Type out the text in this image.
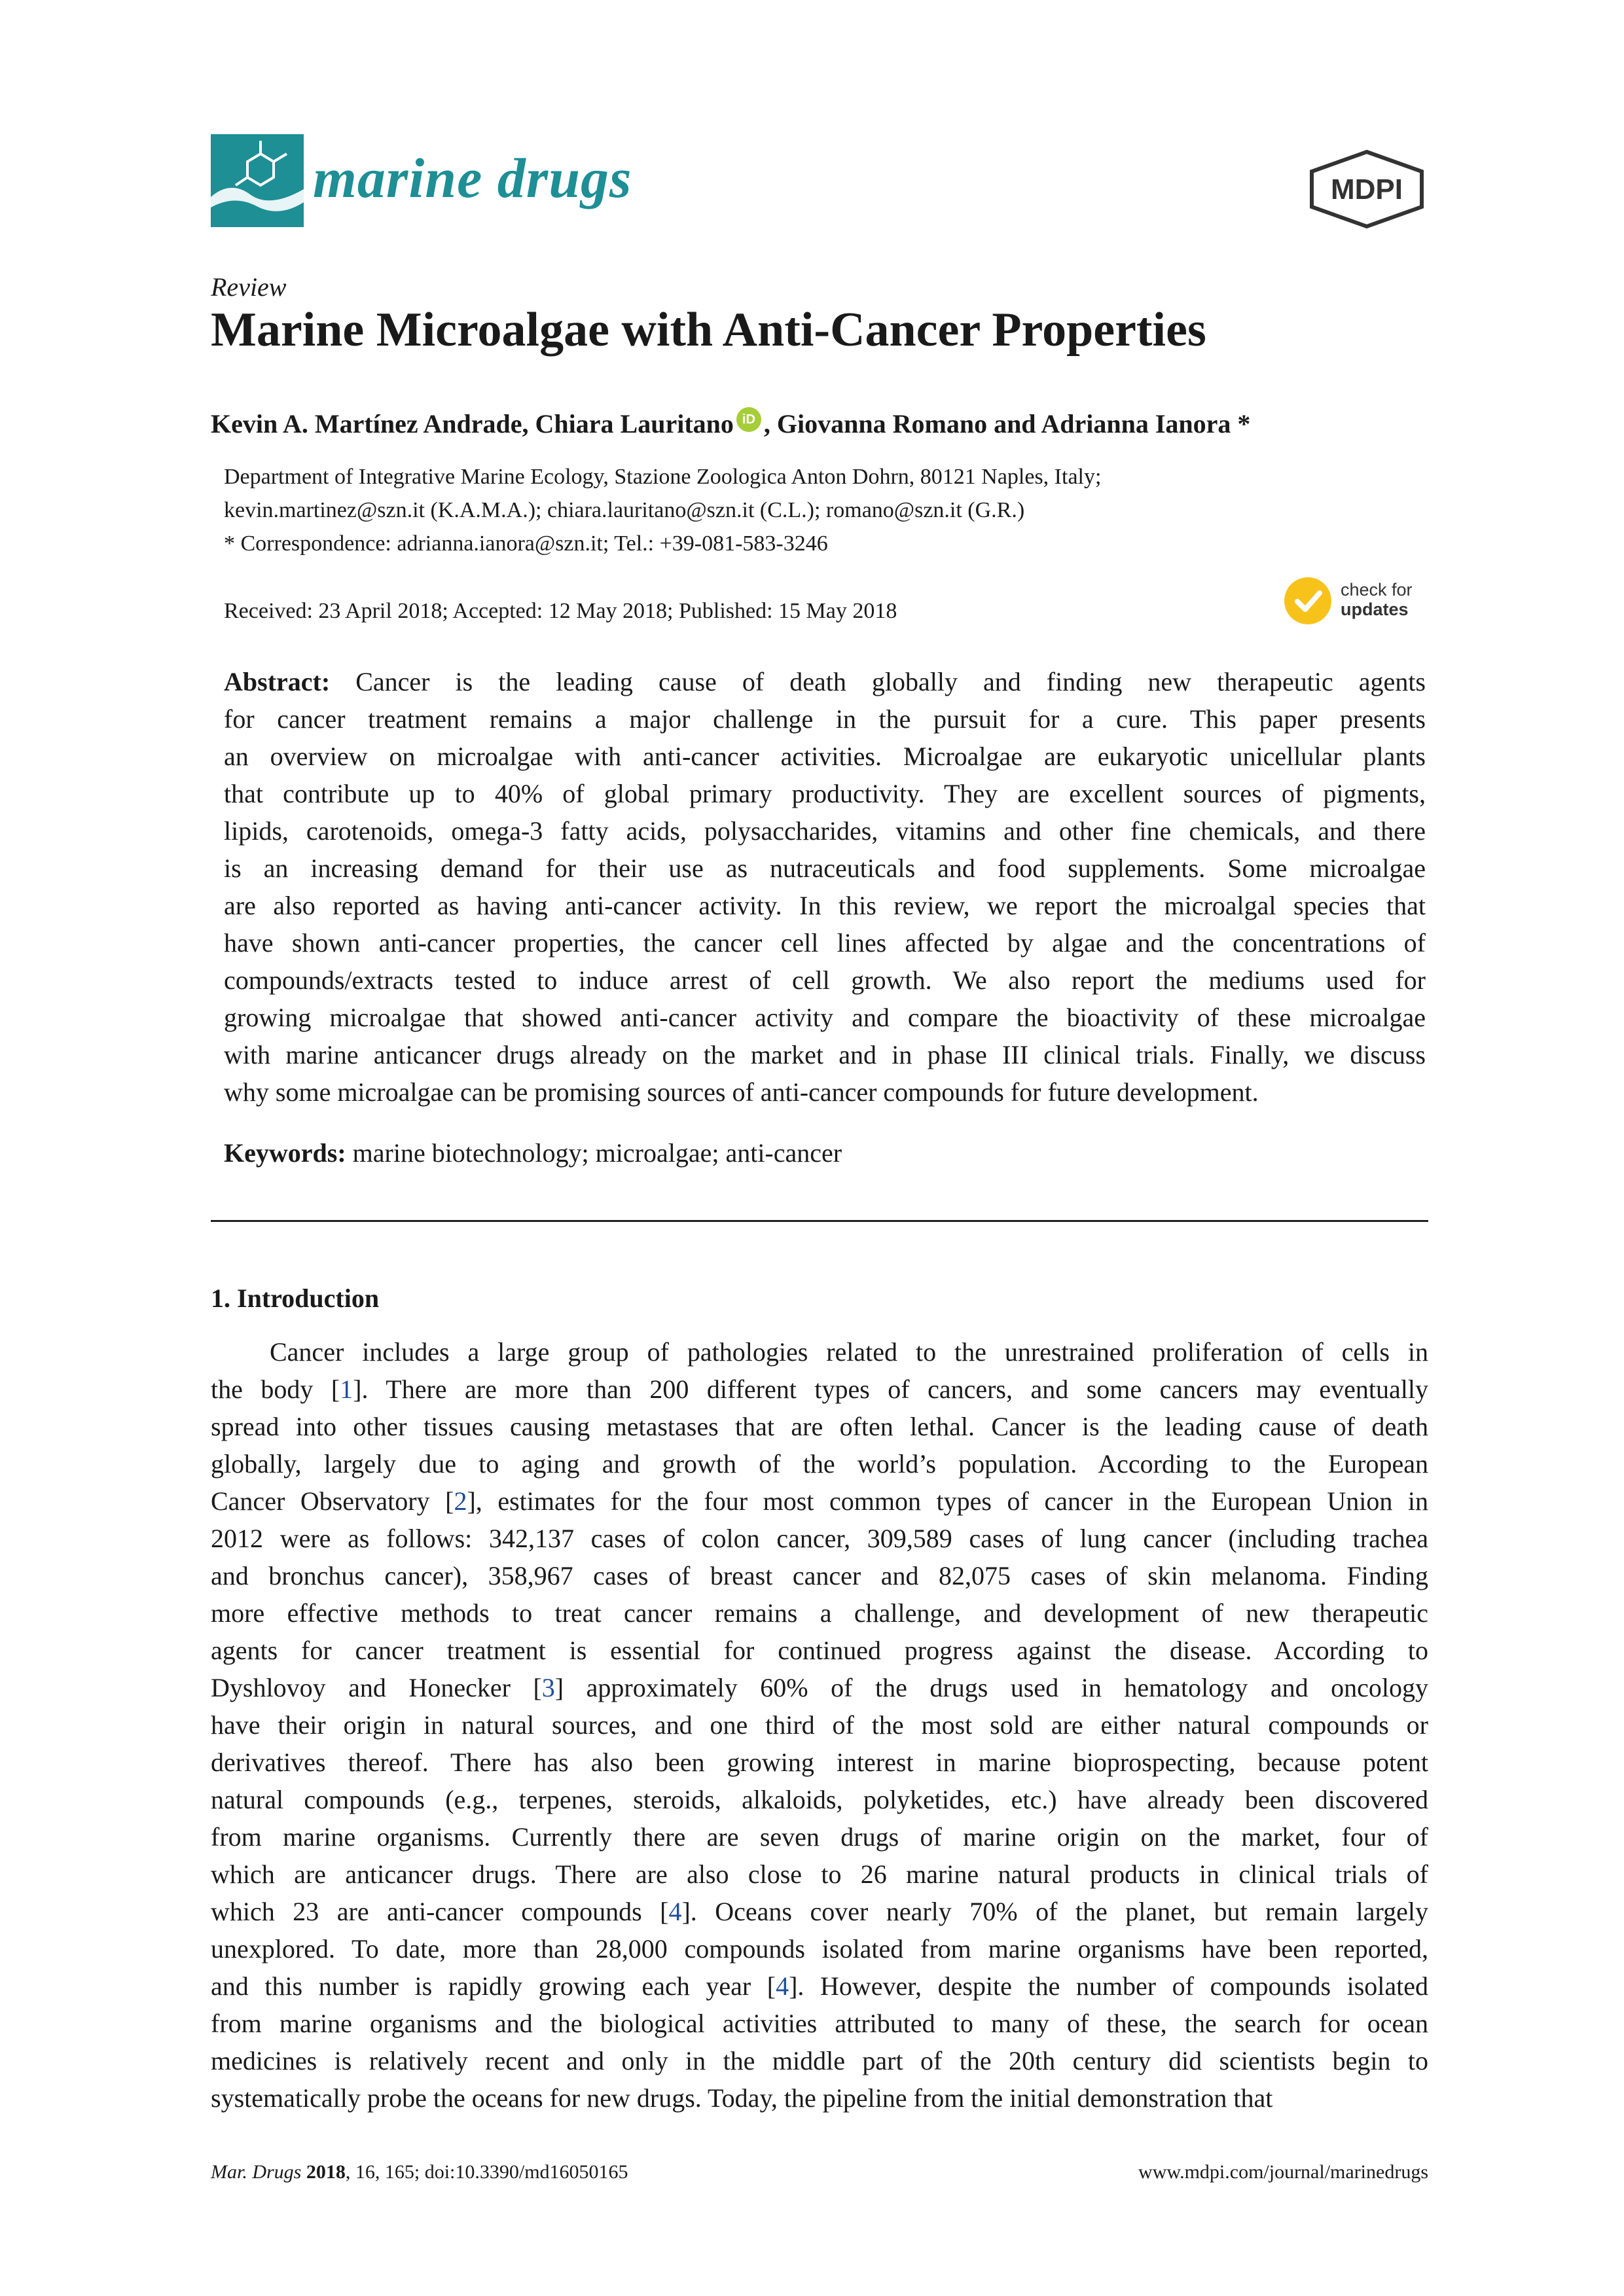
marine drugs	MDPI
Review
Marine Microalgae with Anti-Cancer Properties
Kevin A. Martínez Andrade, Chiara Lauritano iD , Giovanna Romano and Adrianna Ianora *
Department of Integrative Marine Ecology, Stazione Zoologica Anton Dohrn, 80121 Naples, Italy;
kevin.martinez@szn.it (K.A.M.A.); chiara.lauritano@szn.it (C.L.); romano@szn.it (G.R.)
* Correspondence: adrianna.ianora@szn.it; Tel.: +39-081-583-3246
Received: 23 April 2018; Accepted: 12 May 2018; Published: 15 May 2018
check for
updates
Abstract: Cancer is the leading cause of death globally and finding new therapeutic agents
for cancer treatment remains a major challenge in the pursuit for a cure. This paper presents
an overview on microalgae with anti-cancer activities. Microalgae are eukaryotic unicellular plants
that contribute up to 40% of global primary productivity. They are excellent sources of pigments,
lipids, carotenoids, omega-3 fatty acids, polysaccharides, vitamins and other fine chemicals, and there
is an increasing demand for their use as nutraceuticals and food supplements. Some microalgae
are also reported as having anti-cancer activity. In this review, we report the microalgal species that
have shown anti-cancer properties, the cancer cell lines affected by algae and the concentrations of
compounds/extracts tested to induce arrest of cell growth. We also report the mediums used for
growing microalgae that showed anti-cancer activity and compare the bioactivity of these microalgae
with marine anticancer drugs already on the market and in phase III clinical trials. Finally, we discuss
why some microalgae can be promising sources of anti-cancer compounds for future development.
Keywords: marine biotechnology; microalgae; anti-cancer
1. Introduction
Cancer includes a large group of pathologies related to the unrestrained proliferation of cells in
the body [1]. There are more than 200 different types of cancers, and some cancers may eventually
spread into other tissues causing metastases that are often lethal. Cancer is the leading cause of death
globally, largely due to aging and growth of the world’s population. According to the European
Cancer Observatory [2], estimates for the four most common types of cancer in the European Union in
2012 were as follows: 342,137 cases of colon cancer, 309,589 cases of lung cancer (including trachea
and bronchus cancer), 358,967 cases of breast cancer and 82,075 cases of skin melanoma. Finding
more effective methods to treat cancer remains a challenge, and development of new therapeutic
agents for cancer treatment is essential for continued progress against the disease. According to
Dyshlovoy and Honecker [3] approximately 60% of the drugs used in hematology and oncology
have their origin in natural sources, and one third of the most sold are either natural compounds or
derivatives thereof. There has also been growing interest in marine bioprospecting, because potent
natural compounds (e.g., terpenes, steroids, alkaloids, polyketides, etc.) have already been discovered
from marine organisms. Currently there are seven drugs of marine origin on the market, four of
which are anticancer drugs. There are also close to 26 marine natural products in clinical trials of
which 23 are anti-cancer compounds [4]. Oceans cover nearly 70% of the planet, but remain largely
unexplored. To date, more than 28,000 compounds isolated from marine organisms have been reported,
and this number is rapidly growing each year [4]. However, despite the number of compounds isolated
from marine organisms and the biological activities attributed to many of these, the search for ocean
medicines is relatively recent and only in the middle part of the 20th century did scientists begin to
systematically probe the oceans for new drugs. Today, the pipeline from the initial demonstration that
Mar. Drugs 2018, 16, 165; doi:10.3390/md16050165	www.mdpi.com/journal/marinedrugs
